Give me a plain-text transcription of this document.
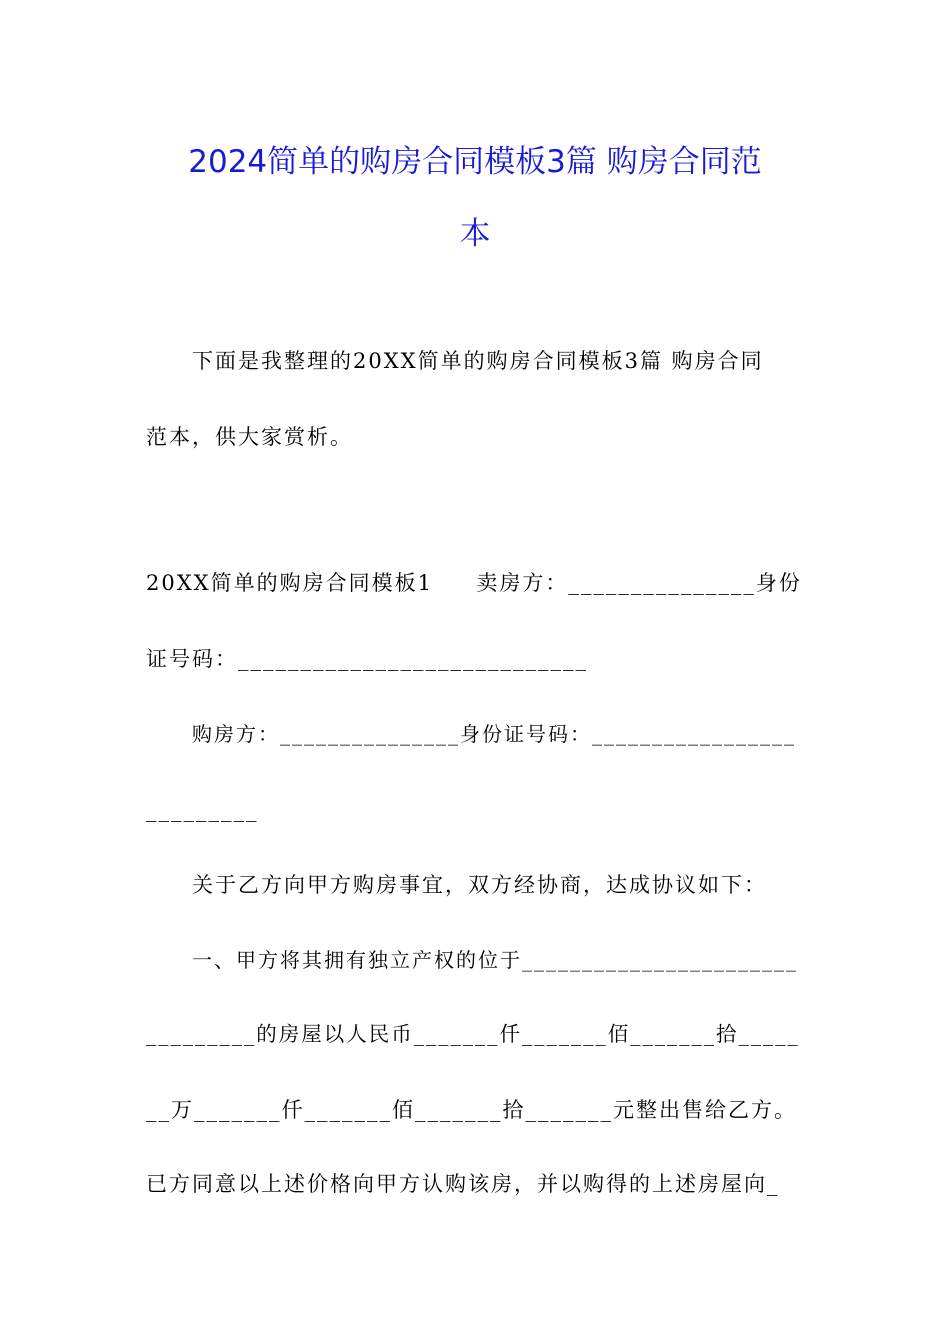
2024简单的购房合同模板3篇 购房合同范
本
下面是我整理的20XX简单的购房合同模板3篇 购房合同
范本，供大家赏析。
20XX简单的购房合同模板1     卖房方：_______________身份
证号码：____________________________
购房方：_______________身份证号码：_________________
_________
关于乙方向甲方购房事宜，双方经协商，达成协议如下：
一、甲方将其拥有独立产权的位于_______________________
_________的房屋以人民币_______仟_______佰_______拾_____
__万_______仟_______佰_______拾_______元整出售给乙方。
已方同意以上述价格向甲方认购该房，并以购得的上述房屋向_
